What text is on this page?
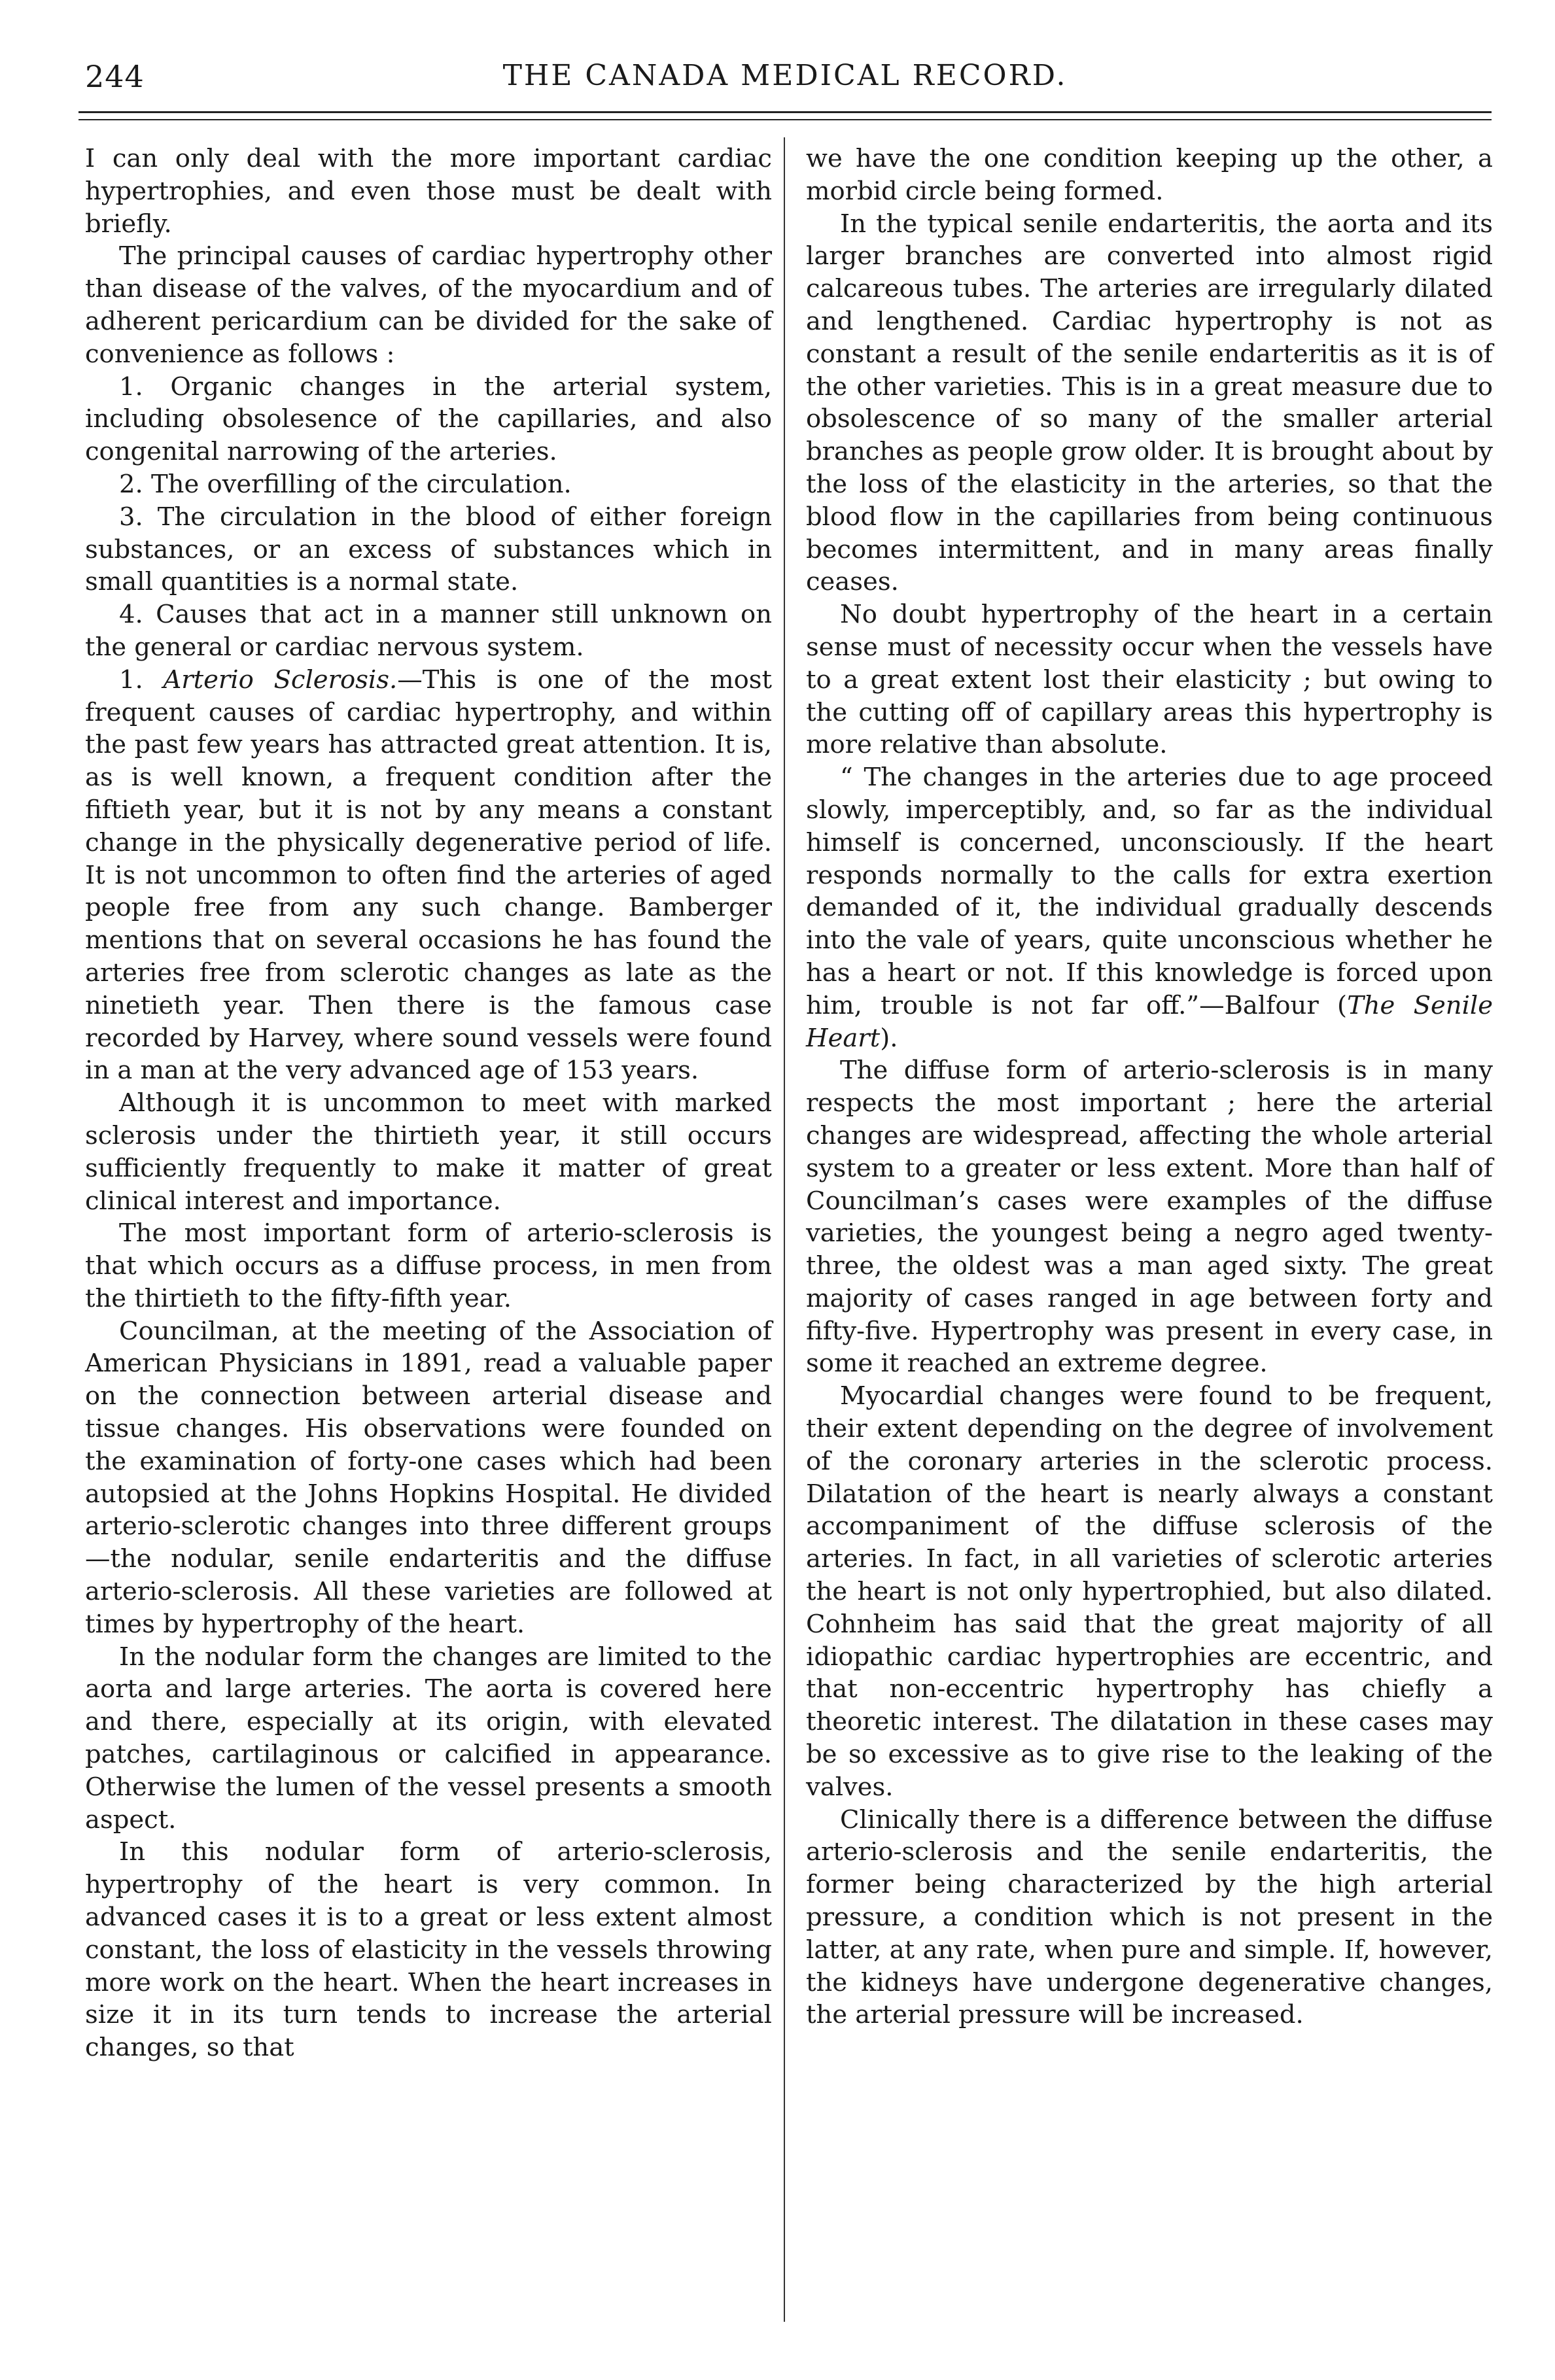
244	THE CANADA MEDICAL RECORD.

I can only deal with the more important cardiac hypertrophies, and even those must be dealt with briefly.

The principal causes of cardiac hypertrophy other than disease of the valves, of the myocardium and of adherent pericardium can be divided for the sake of convenience as follows :

1. Organic changes in the arterial system, including obsolesence of the capillaries, and also congenital narrowing of the arteries.

2. The overfilling of the circulation.

3. The circulation in the blood of either foreign substances, or an excess of substances which in small quantities is a normal state.

4. Causes that act in a manner still unknown on the general or cardiac nervous system.

1. Arterio Sclerosis.—This is one of the most frequent causes of cardiac hypertrophy, and within the past few years has attracted great attention. It is, as is well known, a frequent condition after the fiftieth year, but it is not by any means a constant change in the physically degenerative period of life. It is not uncommon to often find the arteries of aged people free from any such change. Bamberger mentions that on several occasions he has found the arteries free from sclerotic changes as late as the ninetieth year. Then there is the famous case recorded by Harvey, where sound vessels were found in a man at the very advanced age of 153 years.

Although it is uncommon to meet with marked sclerosis under the thirtieth year, it still occurs sufficiently frequently to make it matter of great clinical interest and importance.

The most important form of arterio-sclerosis is that which occurs as a diffuse process, in men from the thirtieth to the fifty-fifth year.

Councilman, at the meeting of the Association of American Physicians in 1891, read a valuable paper on the connection between arterial disease and tissue changes. His observations were founded on the examination of forty-one cases which had been autopsied at the Johns Hopkins Hospital. He divided arterio-sclerotic changes into three different groups—the nodular, senile endarteritis and the diffuse arterio-sclerosis. All these varieties are followed at times by hypertrophy of the heart.

In the nodular form the changes are limited to the aorta and large arteries. The aorta is covered here and there, especially at its origin, with elevated patches, cartilaginous or calcified in appearance. Otherwise the lumen of the vessel presents a smooth aspect.

In this nodular form of arterio-sclerosis, hypertrophy of the heart is very common. In advanced cases it is to a great or less extent almost constant, the loss of elasticity in the vessels throwing more work on the heart. When the heart increases in size it in its turn tends to increase the arterial changes, so that

we have the one condition keeping up the other, a morbid circle being formed.

In the typical senile endarteritis, the aorta and its larger branches are converted into almost rigid calcareous tubes. The arteries are irregularly dilated and lengthened. Cardiac hypertrophy is not as constant a result of the senile endarteritis as it is of the other varieties. This is in a great measure due to obsolescence of so many of the smaller arterial branches as people grow older. It is brought about by the loss of the elasticity in the arteries, so that the blood flow in the capillaries from being continuous becomes intermittent, and in many areas finally ceases.

No doubt hypertrophy of the heart in a certain sense must of necessity occur when the vessels have to a great extent lost their elasticity ; but owing to the cutting off of capillary areas this hypertrophy is more relative than absolute.

“ The changes in the arteries due to age proceed slowly, imperceptibly, and, so far as the individual himself is concerned, unconsciously. If the heart responds normally to the calls for extra exertion demanded of it, the individual gradually descends into the vale of years, quite unconscious whether he has a heart or not. If this knowledge is forced upon him, trouble is not far off.”—Balfour (The Senile Heart).

The diffuse form of arterio-sclerosis is in many respects the most important ; here the arterial changes are widespread, affecting the whole arterial system to a greater or less extent. More than half of Councilman’s cases were examples of the diffuse varieties, the youngest being a negro aged twenty-three, the oldest was a man aged sixty. The great majority of cases ranged in age between forty and fifty-five. Hypertrophy was present in every case, in some it reached an extreme degree.

Myocardial changes were found to be frequent, their extent depending on the degree of involvement of the coronary arteries in the sclerotic process. Dilatation of the heart is nearly always a constant accompaniment of the diffuse sclerosis of the arteries. In fact, in all varieties of sclerotic arteries the heart is not only hypertrophied, but also dilated. Cohnheim has said that the great majority of all idiopathic cardiac hypertrophies are eccentric, and that non-eccentric hypertrophy has chiefly a theoretic interest. The dilatation in these cases may be so excessive as to give rise to the leaking of the valves.

Clinically there is a difference between the diffuse arterio-sclerosis and the senile endarteritis, the former being characterized by the high arterial pressure, a condition which is not present in the latter, at any rate, when pure and simple. If, however, the kidneys have undergone degenerative changes, the arterial pressure will be increased.
